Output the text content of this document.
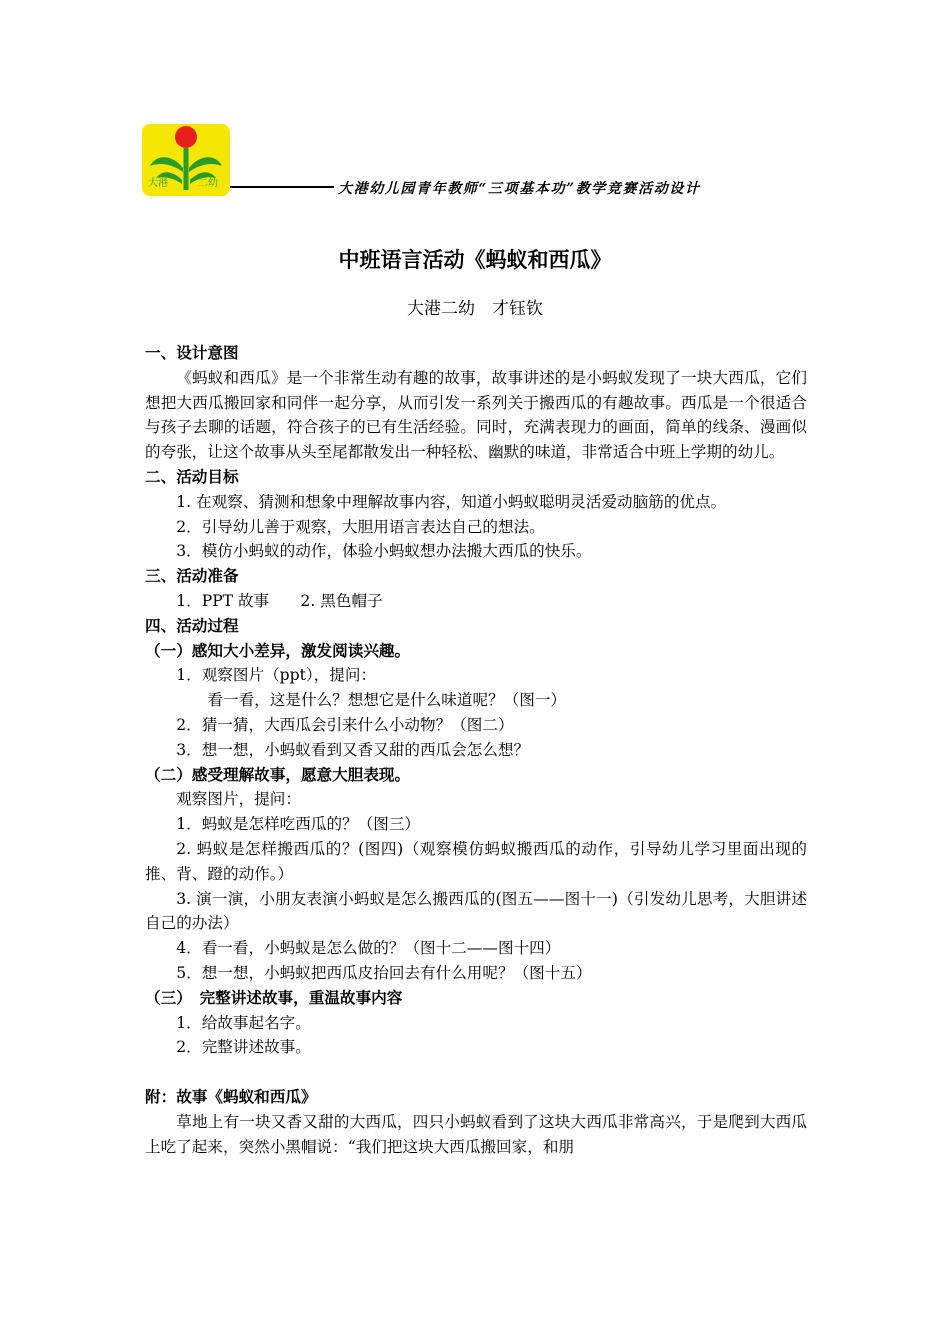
大港	二幼	大港幼儿园青年教师“三项基本功”教学竞赛活动设计
中班语言活动《蚂蚁和西瓜》
大港二幼　才钰钦

一、设计意图

《蚂蚁和西瓜》是一个非常生动有趣的故事，故事讲述的是小蚂蚁发现了一块大西瓜，它们想把大西瓜搬回家和同伴一起分享，从而引发一系列关于搬西瓜的有趣故事。西瓜是一个很适合与孩子去聊的话题，符合孩子的已有生活经验。同时，充满表现力的画面，简单的线条、漫画似的夸张，让这个故事从头至尾都散发出一种轻松、幽默的味道，非常适合中班上学期的幼儿。

二、活动目标

1. 在观察、猜测和想象中理解故事内容，知道小蚂蚁聪明灵活爱动脑筋的优点。

2．引导幼儿善于观察，大胆用语言表达自己的想法。

3．模仿小蚂蚁的动作，体验小蚂蚁想办法搬大西瓜的快乐。

三、活动准备

1．PPT 故事　　2. 黑色帽子

四、活动过程

（一）感知大小差异，激发阅读兴趣。

1．观察图片（ppt），提问：

看一看，这是什么？想想它是什么味道呢？（图一）

2．猜一猜，大西瓜会引来什么小动物？（图二）

3．想一想，小蚂蚁看到又香又甜的西瓜会怎么想？

（二）感受理解故事，愿意大胆表现。

观察图片，提问：

1．蚂蚁是怎样吃西瓜的？（图三）

2. 蚂蚁是怎样搬西瓜的？(图四)（观察模仿蚂蚁搬西瓜的动作，引导幼儿学习里面出现的推、背、蹬的动作。）

3. 演一演，小朋友表演小蚂蚁是怎么搬西瓜的(图五——图十一)（引发幼儿思考，大胆讲述自己的办法）

4．看一看，小蚂蚁是怎么做的？（图十二——图十四）

5．想一想，小蚂蚁把西瓜皮抬回去有什么用呢？（图十五）

（三）　完整讲述故事，重温故事内容

1．给故事起名字。

2．完整讲述故事。

附：故事《蚂蚁和西瓜》

草地上有一块又香又甜的大西瓜，四只小蚂蚁看到了这块大西瓜非常高兴，于是爬到大西瓜上吃了起来，突然小黑帽说：“我们把这块大西瓜搬回家，和朋
